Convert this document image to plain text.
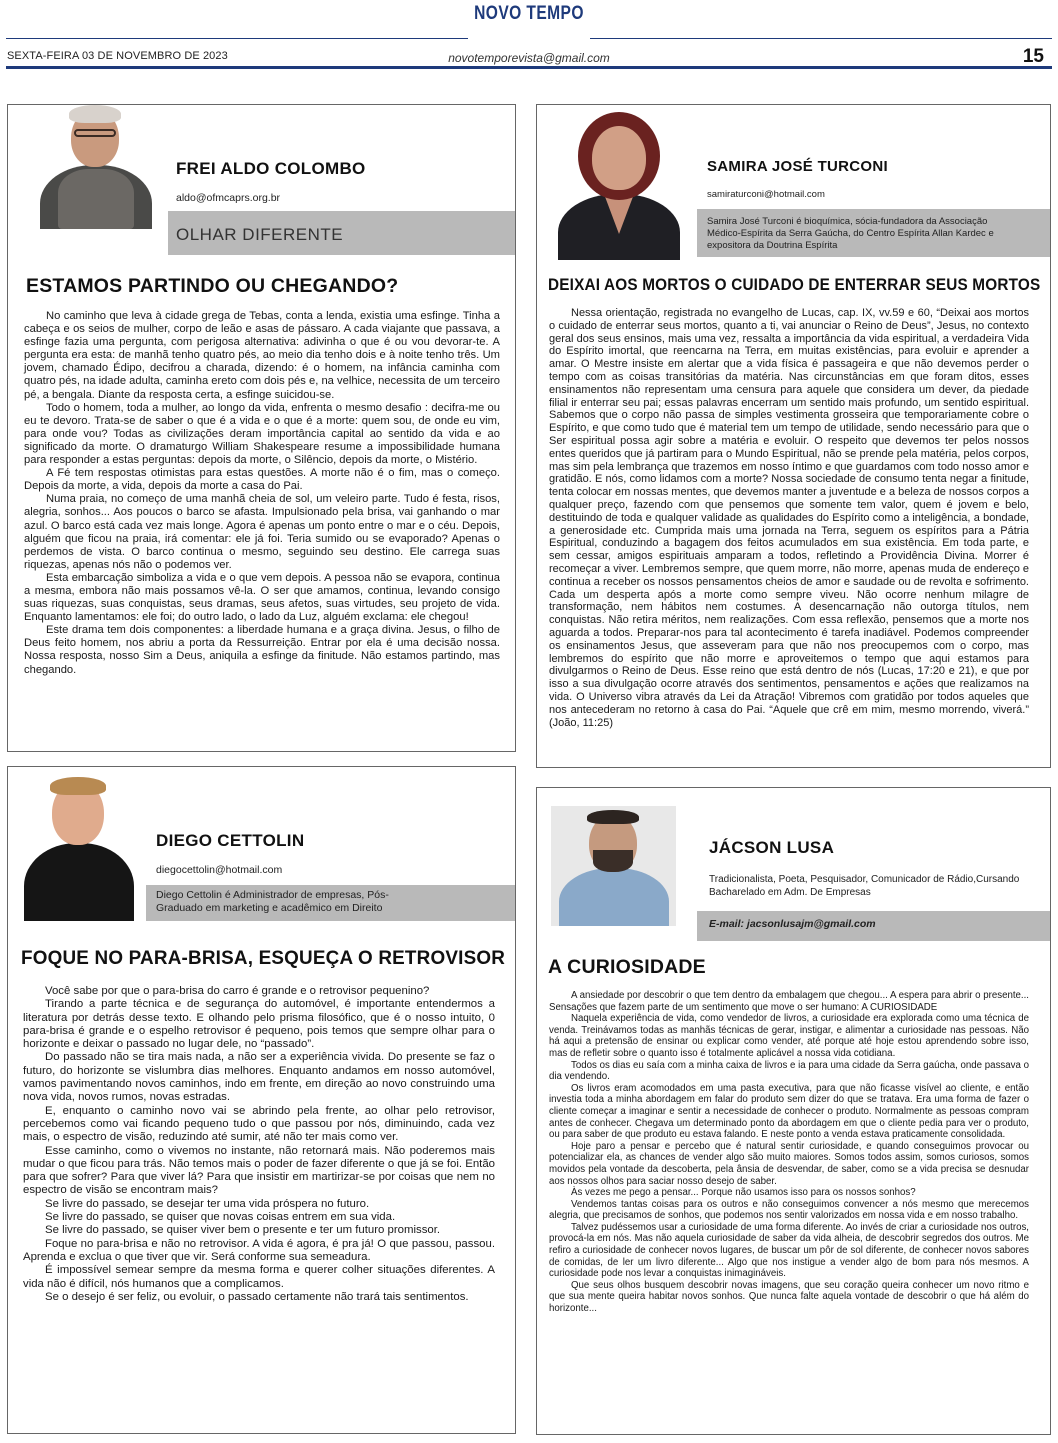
NOVO TEMPO
novotemporevista@gmail.com
SEXTA-FEIRA 03 DE NOVEMBRO DE 2023	15
FREI ALDO COLOMBO
aldo@ofmcaprs.org.br
OLHAR DIFERENTE
ESTAMOS PARTINDO OU CHEGANDO?

No caminho que leva à cidade grega de Tebas, conta a lenda, existia uma esfinge. Tinha a cabeça e os seios de mulher, corpo de leão e asas de pássaro. A cada viajante que passava, a esfinge fazia uma pergunta, com perigosa alternativa: adivinha o que é ou vou devorar-te. A pergunta era esta: de manhã tenho quatro pés, ao meio dia tenho dois e à noite tenho três. Um jovem, chamado Édipo, decifrou a charada, dizendo: é o homem, na infância caminha com quatro pés, na idade adulta, caminha ereto com dois pés e, na velhice, necessita de um terceiro pé, a bengala. Diante da resposta certa, a esfinge suicidou-se.

Todo o homem, toda a mulher, ao longo da vida, enfrenta o mesmo desafio : decifra-me ou eu te devoro. Trata-se de saber o que é a vida e o que é a morte: quem sou, de onde eu vim, para onde vou? Todas as civilizações deram importância capital ao sentido da vida e ao significado da morte. O dramaturgo William Shakespeare resume a impossibilidade humana para responder a estas perguntas: depois da morte, o Silêncio, depois da morte, o Mistério.

A Fé tem respostas otimistas para estas questões. A morte não é o fim, mas o começo. Depois da morte, a vida, depois da morte a casa do Pai.

Numa praia, no começo de uma manhã cheia de sol, um veleiro parte. Tudo é festa, risos, alegria, sonhos... Aos poucos o barco se afasta. Impulsionado pela brisa, vai ganhando o mar azul. O barco está cada vez mais longe. Agora é apenas um ponto entre o mar e o céu. Depois, alguém que ficou na praia, irá comentar: ele já foi. Teria sumido ou se evaporado? Apenas o perdemos de vista. O barco continua o mesmo, seguindo seu destino. Ele carrega suas riquezas, apenas nós não o podemos ver.

Esta embarcação simboliza a vida e o que vem depois. A pessoa não se evapora, continua a mesma, embora não mais possamos vê-la. O ser que amamos, continua, levando consigo suas riquezas, suas conquistas, seus dramas, seus afetos, suas virtudes, seu projeto de vida. Enquanto lamentamos: ele foi; do outro lado, o lado da Luz, alguém exclama: ele chegou!

Este drama tem dois componentes: a liberdade humana e a graça divina. Jesus, o filho de Deus feito homem, nos abriu a porta da Ressurreição. Entrar por ela é uma decisão nossa. Nossa resposta, nosso Sim a Deus, aniquila a esfinge da finitude. Não estamos partindo, mas chegando.

SAMIRA JOSÉ TURCONI
samiraturconi@hotmail.com
Samira José Turconi é bioquímica, sócia-fundadora da Associação Médico-Espírita da Serra Gaúcha, do Centro Espírita Allan Kardec e expositora da Doutrina Espírita
DEIXAI AOS MORTOS O CUIDADO DE ENTERRAR SEUS MORTOS

Nessa orientação, registrada no evangelho de Lucas, cap. IX, vv.59 e 60, “Deixai aos mortos o cuidado de enterrar seus mortos, quanto a ti, vai anunciar o Reino de Deus”, Jesus, no contexto geral dos seus ensinos, mais uma vez, ressalta a importância da vida espiritual, a verdadeira Vida do Espírito imortal, que reencarna na Terra, em muitas existências, para evoluir e aprender a amar. O Mestre insiste em alertar que a vida física é passageira e que não devemos perder o tempo com as coisas transitórias da matéria. Nas circunstâncias em que foram ditos, esses ensinamentos não representam uma censura para aquele que considera um dever, da piedade filial ir enterrar seu pai; essas palavras encerram um sentido mais profundo, um sentido espiritual. Sabemos que o corpo não passa de simples vestimenta grosseira que temporariamente cobre o Espírito, e que como tudo que é material tem um tempo de utilidade, sendo necessário para que o Ser espiritual possa agir sobre a matéria e evoluir. O respeito que devemos ter pelos nossos entes queridos que já partiram para o Mundo Espiritual, não se prende pela matéria, pelos corpos, mas sim pela lembrança que trazemos em nosso íntimo e que guardamos com todo nosso amor e gratidão. E nós, como lidamos com a morte? Nossa sociedade de consumo tenta negar a finitude, tenta colocar em nossas mentes, que devemos manter a juventude e a beleza de nossos corpos a qualquer preço, fazendo com que pensemos que somente tem valor, quem é jovem e belo, destituindo de toda e qualquer validade as qualidades do Espírito como a inteligência, a bondade, a generosidade etc. Cumprida mais uma jornada na Terra, seguem os espíritos para a Pátria Espiritual, conduzindo a bagagem dos feitos acumulados em sua existência. Em toda parte, e sem cessar, amigos espirituais amparam a todos, refletindo a Providência Divina. Morrer é recomeçar a viver. Lembremos sempre, que quem morre, não morre, apenas muda de endereço e continua a receber os nossos pensamentos cheios de amor e saudade ou de revolta e sofrimento. Cada um desperta após a morte como sempre viveu. Não ocorre nenhum milagre de transformação, nem hábitos nem costumes. A desencarnação não outorga títulos, nem conquistas. Não retira méritos, nem realizações. Com essa reflexão, pensemos que a morte nos aguarda a todos. Preparar-nos para tal acontecimento é tarefa inadiável. Podemos compreender os ensinamentos Jesus, que asseveram para que não nos preocupemos com o corpo, mas lembremos do espírito que não morre e aproveitemos o tempo que aqui estamos para divulgarmos o Reino de Deus. Esse reino que está dentro de nós (Lucas, 17:20 e 21), e que por isso a sua divulgação ocorre através dos sentimentos, pensamentos e ações que realizamos na vida. O Universo vibra através da Lei da Atração! Vibremos com gratidão por todos aqueles que nos antecederam no retorno à casa do Pai. “Aquele que crê em mim, mesmo morrendo, viverá.” (João, 11:25)

DIEGO CETTOLIN
diegocettolin@hotmail.com
Diego Cettolin é Administrador de empresas, Pós-Graduado em marketing e acadêmico em Direito
FOQUE NO PARA-BRISA, ESQUEÇA O RETROVISOR

Você sabe por que o para-brisa do carro é grande e o retrovisor pequenino?

Tirando a parte técnica e de segurança do automóvel, é importante entendermos a literatura por detrás desse texto. E olhando pelo prisma filosófico, que é o nosso intuito, 0 para-brisa é grande e o espelho retrovisor é pequeno, pois temos que sempre olhar para o horizonte e deixar o passado no lugar dele, no “passado”.

Do passado não se tira mais nada, a não ser a experiência vivida. Do presente se faz o futuro, do horizonte se vislumbra dias melhores. Enquanto andamos em nosso automóvel, vamos pavimentando novos caminhos, indo em frente, em direção ao novo construindo uma nova vida, novos rumos, novas estradas.

E, enquanto o caminho novo vai se abrindo pela frente, ao olhar pelo retrovisor, percebemos como vai ficando pequeno tudo o que passou por nós, diminuindo, cada vez mais, o espectro de visão, reduzindo até sumir, até não ter mais como ver.

Esse caminho, como o vivemos no instante, não retornará mais. Não poderemos mais mudar o que ficou para trás. Não temos mais o poder de fazer diferente o que já se foi. Então para que sofrer? Para que viver lá? Para que insistir em martirizar-se por coisas que nem no espectro de visão se encontram mais?

Se livre do passado, se desejar ter uma vida próspera no futuro.

Se livre do passado, se quiser que novas coisas entrem em sua vida.

Se livre do passado, se quiser viver bem o presente e ter um futuro promissor.

Foque no para-brisa e não no retrovisor. A vida é agora, é pra já! O que passou, passou. Aprenda e exclua o que tiver que vir. Será conforme sua semeadura.

É impossível semear sempre da mesma forma e querer colher situações diferentes. A vida não é difícil, nós humanos que a complicamos.

Se o desejo é ser feliz, ou evoluir, o passado certamente não trará tais sentimentos.

JÁCSON LUSA
Tradicionalista, Poeta, Pesquisador, Comunicador de Rádio,Cursando Bacharelado em Adm. De Empresas
E-mail: jacsonlusajm@gmail.com
A CURIOSIDADE

A ansiedade por descobrir o que tem dentro da embalagem que chegou... A espera para abrir o presente... Sensações que fazem parte de um sentimento que move o ser humano: A CURIOSIDADE

Naquela experiência de vida, como vendedor de livros, a curiosidade era explorada como uma técnica de venda. Treinávamos todas as manhãs técnicas de gerar, instigar, e alimentar a curiosidade nas pessoas. Não há aqui a pretensão de ensinar ou explicar como vender, até porque até hoje estou aprendendo sobre isso, mas de refletir sobre o quanto isso é totalmente aplicável a nossa vida cotidiana.

Todos os dias eu saía com a minha caixa de livros e ia para uma cidade da Serra gaúcha, onde passava o dia vendendo.

Os livros eram acomodados em uma pasta executiva, para que não ficasse visível ao cliente, e então investia toda a minha abordagem em falar do produto sem dizer do que se tratava. Era uma forma de fazer o cliente começar a imaginar e sentir a necessidade de conhecer o produto. Normalmente as pessoas compram antes de conhecer. Chegava um determinado ponto da abordagem em que o cliente pedia para ver o produto, ou para saber de que produto eu estava falando. E neste ponto a venda estava praticamente consolidada.

Hoje paro a pensar e percebo que é natural sentir curiosidade, e quando conseguimos provocar ou potencializar ela, as chances de vender algo são muito maiores. Somos todos assim, somos curiosos, somos movidos pela vontade da descoberta, pela ânsia de desvendar, de saber, como se a vida precisa se desnudar aos nossos olhos para saciar nosso desejo de saber.

Às vezes me pego a pensar... Porque não usamos isso para os nossos sonhos?

Vendemos tantas coisas para os outros e não conseguimos convencer a nós mesmo que merecemos alegria, que precisamos de sonhos, que podemos nos sentir valorizados em nossa vida e em nosso trabalho.

Talvez pudéssemos usar a curiosidade de uma forma diferente. Ao invés de criar a curiosidade nos outros, provocá-la em nós. Mas não aquela curiosidade de saber da vida alheia, de descobrir segredos dos outros. Me refiro a curiosidade de conhecer novos lugares, de buscar um pôr de sol diferente, de conhecer novos sabores de comidas, de ler um livro diferente... Algo que nos instigue a vender algo de bom para nós mesmos. A curiosidade pode nos levar a conquistas inimagináveis.

Que seus olhos busquem descobrir novas imagens, que seu coração queira conhecer um novo ritmo e que sua mente queira habitar novos sonhos. Que nunca falte aquela vontade de descobrir o que há além do horizonte...
